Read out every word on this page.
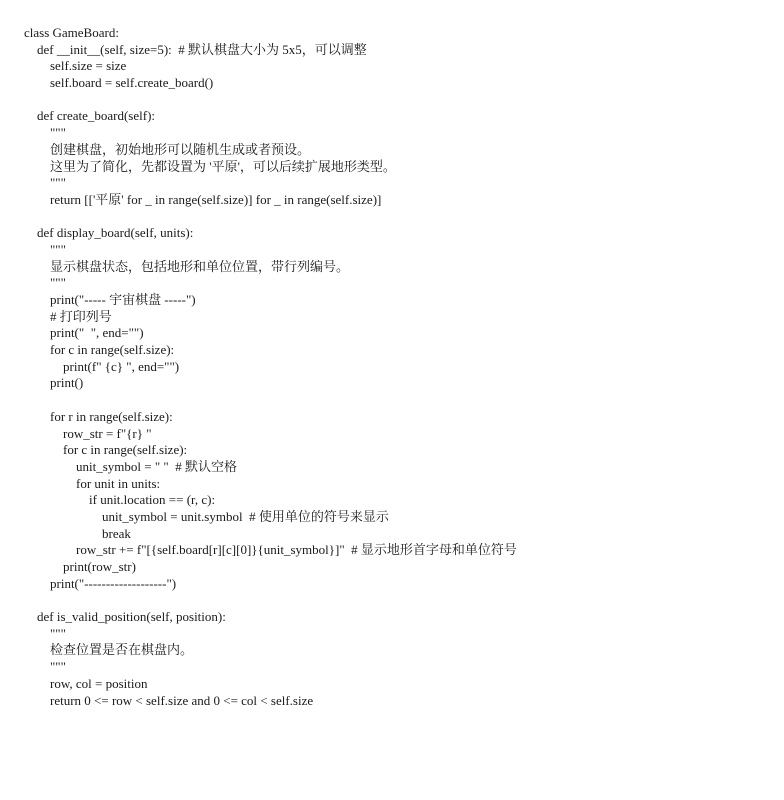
class GameBoard:
def __init__(self, size=5):  # 默认棋盘大小为 5x5，可以调整
self.size = size
self.board = self.create_board()
def create_board(self):
"""
创建棋盘，初始地形可以随机生成或者预设。
这里为了简化，先都设置为 '平原'，可以后续扩展地形类型。
"""
return [['平原' for _ in range(self.size)] for _ in range(self.size)]
def display_board(self, units):
"""
显示棋盘状态，包括地形和单位位置，带行列编号。
"""
print("----- 宇宙棋盘 -----")
# 打印列号
print("  ", end="")
for c in range(self.size):
print(f" {c} ", end="")
print()
for r in range(self.size):
row_str = f"{r} "
for c in range(self.size):
unit_symbol = " "  # 默认空格
for unit in units:
if unit.location == (r, c):
unit_symbol = unit.symbol  # 使用单位的符号来显示
break
row_str += f"[{self.board[r][c][0]}{unit_symbol}]"  # 显示地形首字母和单位符号
print(row_str)
print("-------------------")
def is_valid_position(self, position):
"""
检查位置是否在棋盘内。
"""
row, col = position
return 0 <= row < self.size and 0 <= col < self.size
